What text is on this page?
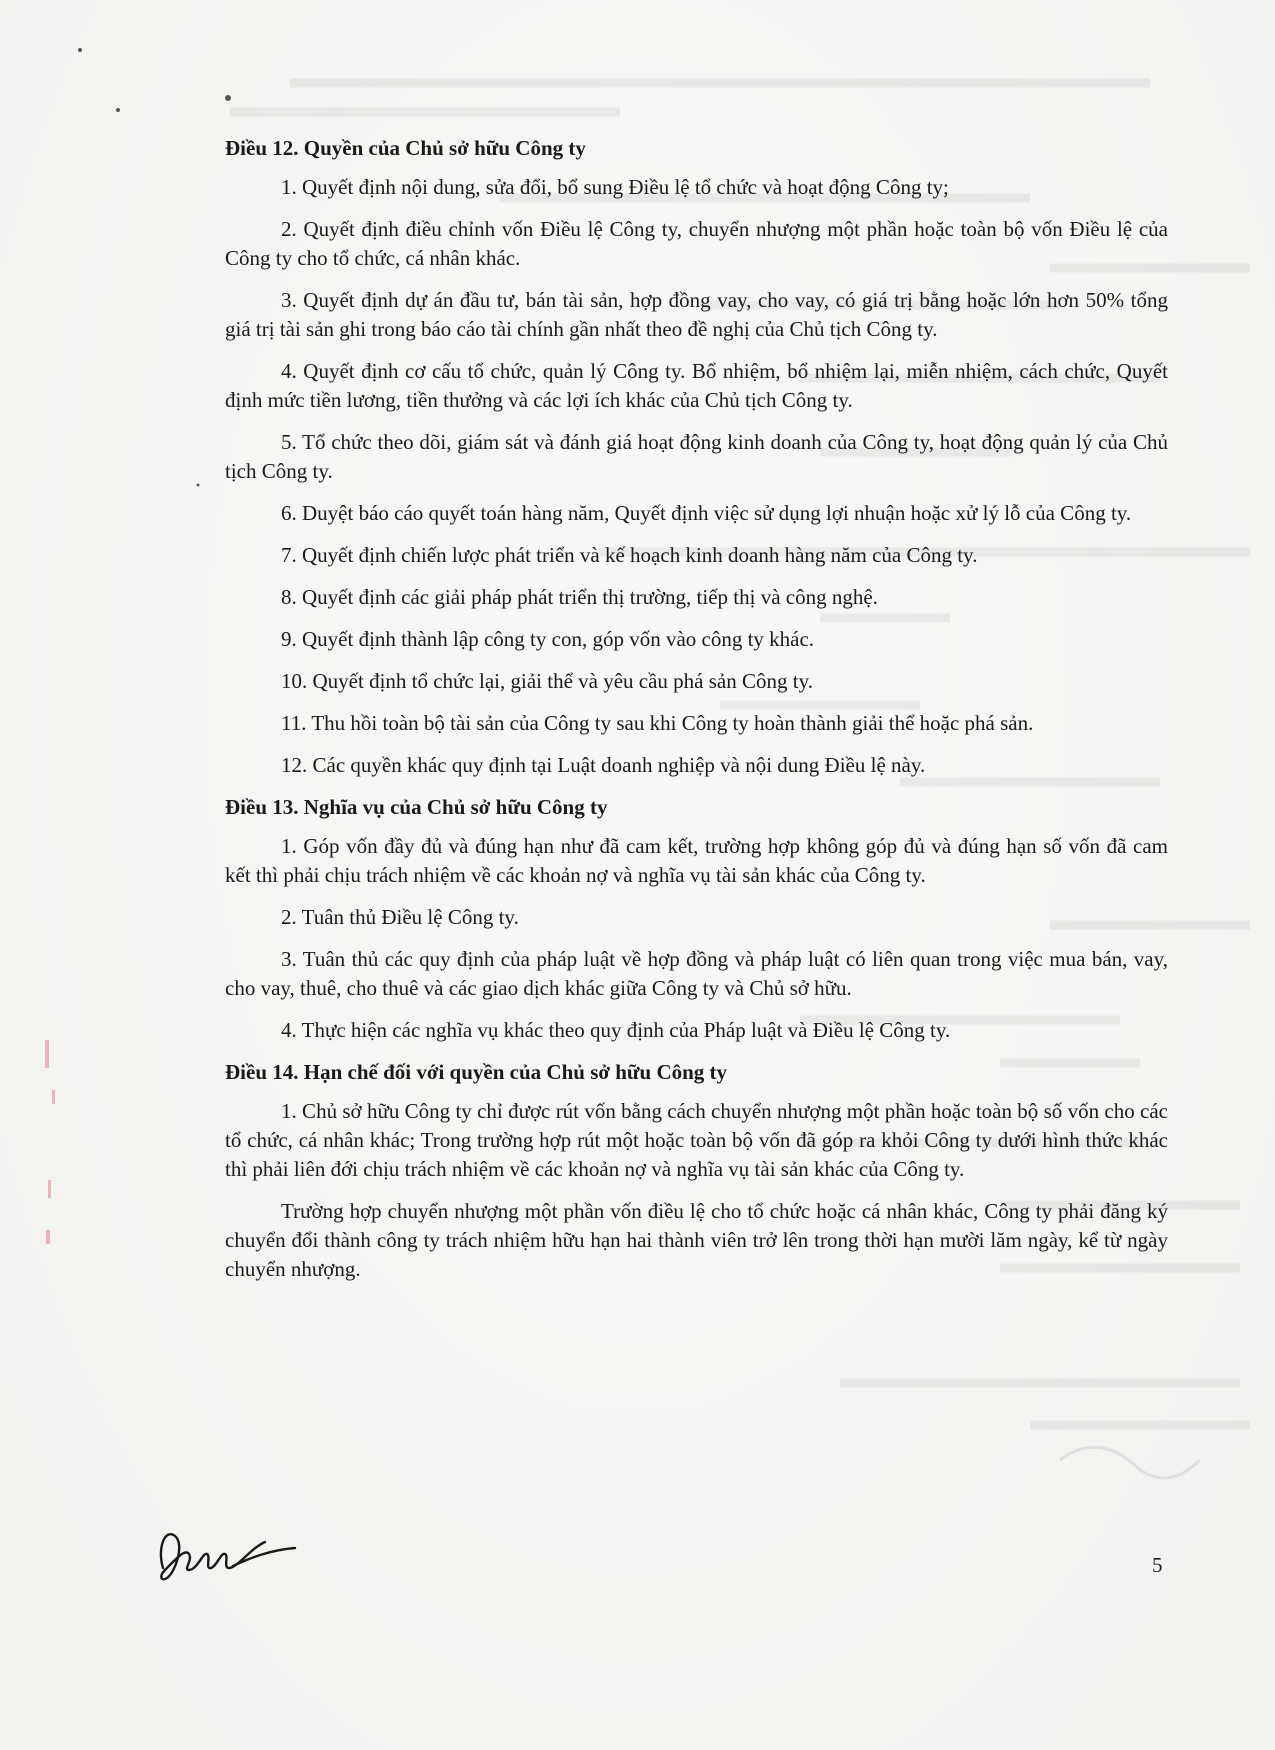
Điều 12. Quyền của Chủ sở hữu Công ty

1. Quyết định nội dung, sửa đổi, bổ sung Điều lệ tổ chức và hoạt động Công ty;

2. Quyết định điều chỉnh vốn Điều lệ Công ty, chuyển nhượng một phần hoặc toàn bộ vốn Điều lệ của Công ty cho tổ chức, cá nhân khác.

3. Quyết định dự án đầu tư, bán tài sản, hợp đồng vay, cho vay, có giá trị bằng hoặc lớn hơn 50% tổng giá trị tài sản ghi trong báo cáo tài chính gần nhất theo đề nghị của Chủ tịch Công ty.

4. Quyết định cơ cấu tổ chức, quản lý Công ty. Bổ nhiệm, bổ nhiệm lại, miễn nhiệm, cách chức, Quyết định mức tiền lương, tiền thưởng và các lợi ích khác của Chủ tịch Công ty.

5. Tổ chức theo dõi, giám sát và đánh giá hoạt động kinh doanh của Công ty, hoạt động quản lý của Chủ tịch Công ty.

6. Duyệt báo cáo quyết toán hàng năm, Quyết định việc sử dụng lợi nhuận hoặc xử lý lỗ của Công ty.

7. Quyết định chiến lược phát triển và kế hoạch kinh doanh hàng năm của Công ty.

8. Quyết định các giải pháp phát triển thị trường, tiếp thị và công nghệ.

9. Quyết định thành lập công ty con, góp vốn vào công ty khác.

10. Quyết định tổ chức lại, giải thể và yêu cầu phá sản Công ty.

11. Thu hồi toàn bộ tài sản của Công ty sau khi Công ty hoàn thành giải thể hoặc phá sản.

12. Các quyền khác quy định tại Luật doanh nghiệp và nội dung Điều lệ này.

Điều 13. Nghĩa vụ của Chủ sở hữu Công ty

1. Góp vốn đầy đủ và đúng hạn như đã cam kết, trường hợp không góp đủ và đúng hạn số vốn đã cam kết thì phải chịu trách nhiệm về các khoản nợ và nghĩa vụ tài sản khác của Công ty.

2. Tuân thủ Điều lệ Công ty.

3. Tuân thủ các quy định của pháp luật về hợp đồng và pháp luật có liên quan trong việc mua bán, vay, cho vay, thuê, cho thuê và các giao dịch khác giữa Công ty và Chủ sở hữu.

4. Thực hiện các nghĩa vụ khác theo quy định của Pháp luật và Điều lệ Công ty.

Điều 14. Hạn chế đối với quyền của Chủ sở hữu Công ty

1. Chủ sở hữu Công ty chỉ được rút vốn bằng cách chuyển nhượng một phần hoặc toàn bộ số vốn cho các tổ chức, cá nhân khác; Trong trường hợp rút một hoặc toàn bộ vốn đã góp ra khỏi Công ty dưới hình thức khác thì phải liên đới chịu trách nhiệm về các khoản nợ và nghĩa vụ tài sản khác của Công ty.

Trường hợp chuyển nhượng một phần vốn điều lệ cho tổ chức hoặc cá nhân khác, Công ty phải đăng ký chuyển đổi thành công ty trách nhiệm hữu hạn hai thành viên trở lên trong thời hạn mười lăm ngày, kể từ ngày chuyển nhượng.

5
